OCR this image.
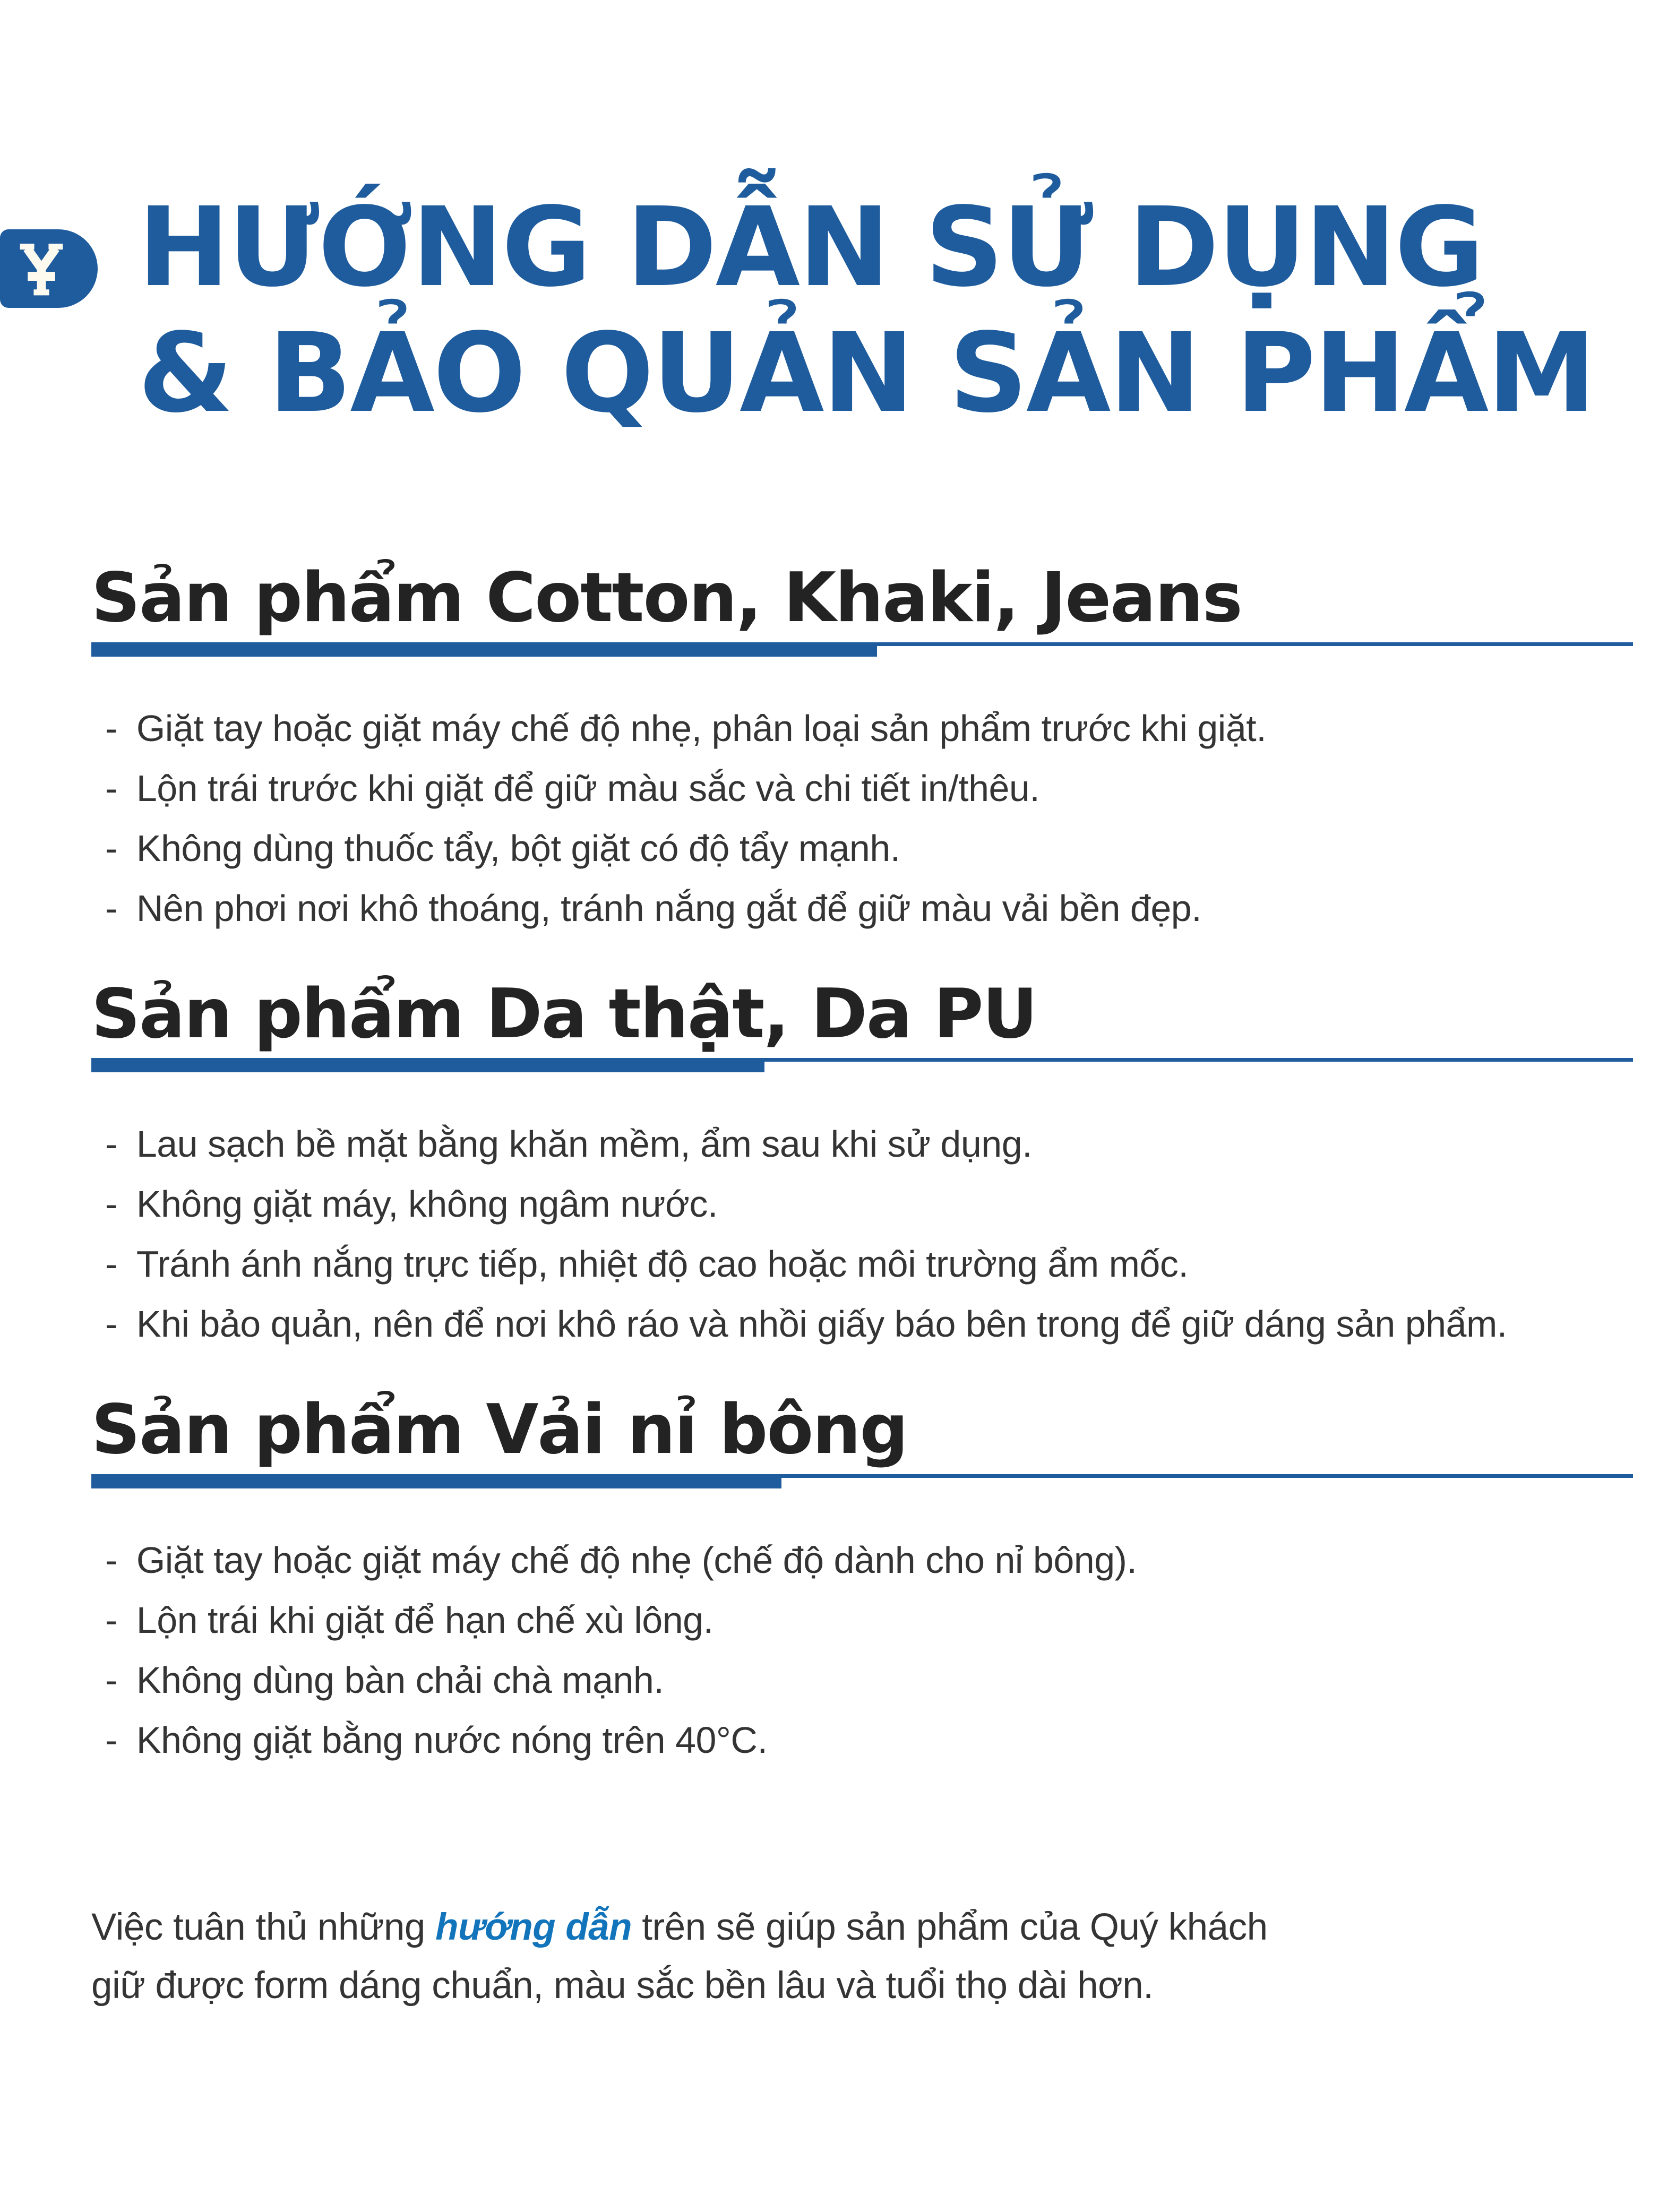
HƯỚNG DẪN SỬ DỤNG
& BẢO QUẢN SẢN PHẨM
Sản phẩm Cotton, Khaki, Jeans
- Giặt tay hoặc giặt máy chế độ nhẹ, phân loại sản phẩm trước khi giặt.
- Lộn trái trước khi giặt để giữ màu sắc và chi tiết in/thêu.
- Không dùng thuốc tẩy, bột giặt có độ tẩy mạnh.
- Nên phơi nơi khô thoáng, tránh nắng gắt để giữ màu vải bền đẹp.
Sản phẩm Da thật, Da PU
- Lau sạch bề mặt bằng khăn mềm, ẩm sau khi sử dụng.
- Không giặt máy, không ngâm nước.
- Tránh ánh nắng trực tiếp, nhiệt độ cao hoặc môi trường ẩm mốc.
- Khi bảo quản, nên để nơi khô ráo và nhồi giấy báo bên trong để giữ dáng sản phẩm.
Sản phẩm Vải nỉ bông
- Giặt tay hoặc giặt máy chế độ nhẹ (chế độ dành cho nỉ bông).
- Lộn trái khi giặt để hạn chế xù lông.
- Không dùng bàn chải chà mạnh.
- Không giặt bằng nước nóng trên 40°C.
Việc tuân thủ những hướng dẫn trên sẽ giúp sản phẩm của Quý khách
giữ được form dáng chuẩn, màu sắc bền lâu và tuổi thọ dài hơn.
